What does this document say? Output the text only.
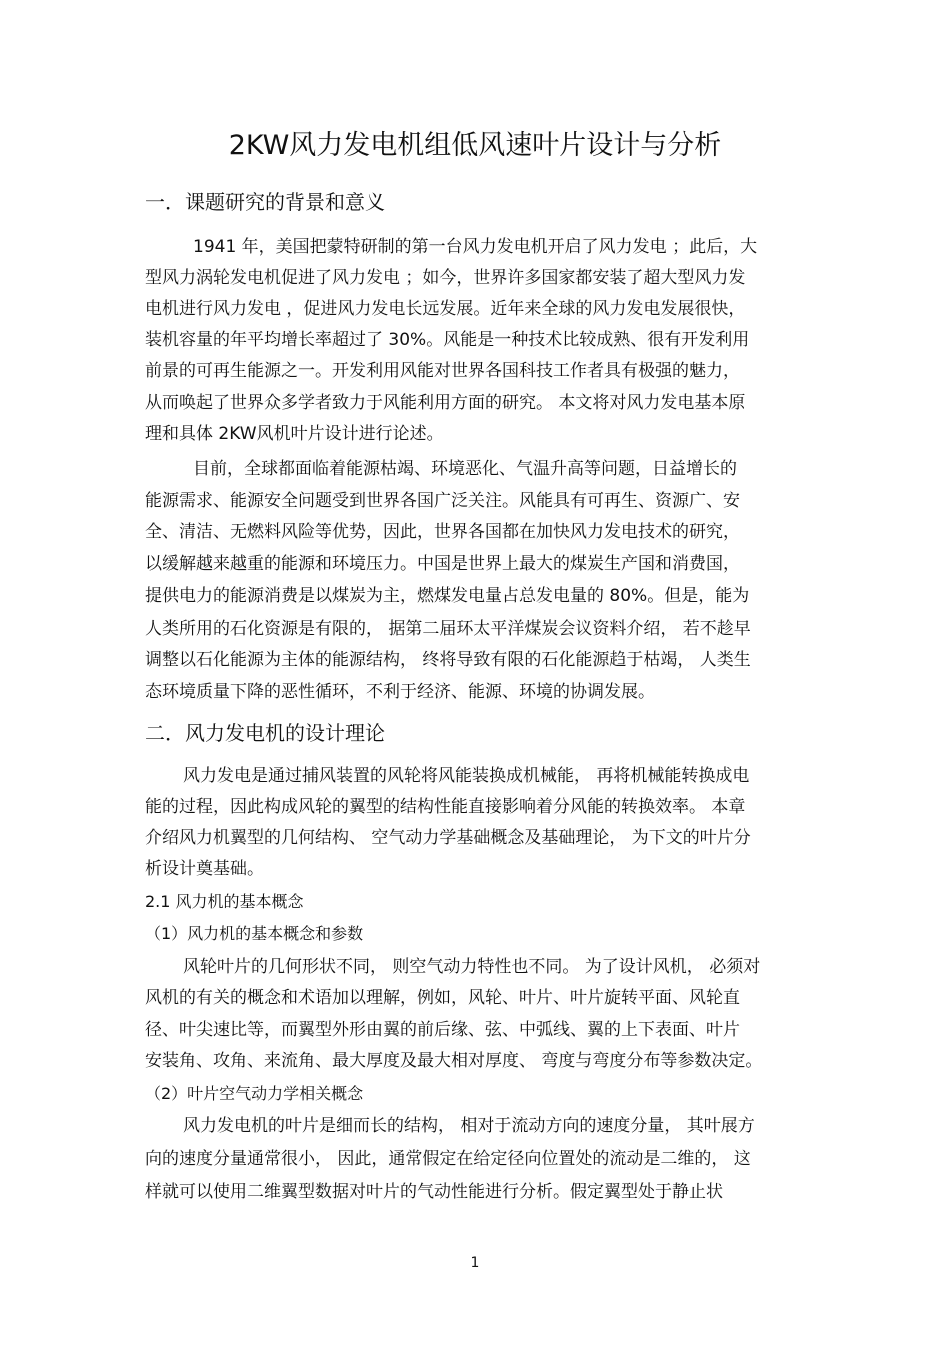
2KW风力发电机组低风速叶片设计与分析
一．课题研究的背景和意义
1941 年，美国把蒙特研制的第一台风力发电机开启了风力发电 ；此后，大
型风力涡轮发电机促进了风力发电 ；如今，世界许多国家都安装了超大型风力发
电机进行风力发电 ，促进风力发电长远发展。近年来全球的风力发电发展很快，
装机容量的年平均增长率超过了 30%。风能是一种技术比较成熟、很有开发利用
前景的可再生能源之一。开发利用风能对世界各国科技工作者具有极强的魅力，
从而唤起了世界众多学者致力于风能利用方面的研究。 本文将对风力发电基本原
理和具体 2KW风机叶片设计进行论述。
目前，全球都面临着能源枯竭、环境恶化、气温升高等问题，日益增长的
能源需求、能源安全问题受到世界各国广泛关注。风能具有可再生、资源广、安
全、清洁、无燃料风险等优势，因此，世界各国都在加快风力发电技术的研究，
以缓解越来越重的能源和环境压力。中国是世界上最大的煤炭生产国和消费国，
提供电力的能源消费是以煤炭为主，燃煤发电量占总发电量的 80%。但是，能为
人类所用的石化资源是有限的， 据第二届环太平洋煤炭会议资料介绍， 若不趁早
调整以石化能源为主体的能源结构， 终将导致有限的石化能源趋于枯竭， 人类生
态环境质量下降的恶性循环，不利于经济、能源、环境的协调发展。
二．风力发电机的设计理论
风力发电是通过捕风装置的风轮将风能装换成机械能， 再将机械能转换成电
能的过程，因此构成风轮的翼型的结构性能直接影响着分风能的转换效率。 本章
介绍风力机翼型的几何结构、 空气动力学基础概念及基础理论， 为下文的叶片分
析设计奠基础。
2.1 风力机的基本概念
（1）风力机的基本概念和参数
风轮叶片的几何形状不同， 则空气动力特性也不同。 为了设计风机， 必须对
风机的有关的概念和术语加以理解，例如，风轮、叶片、叶片旋转平面、风轮直
径、叶尖速比等，而翼型外形由翼的前后缘、弦、中弧线、翼的上下表面、叶片
安装角、攻角、来流角、最大厚度及最大相对厚度、 弯度与弯度分布等参数决定。
（2）叶片空气动力学相关概念
风力发电机的叶片是细而长的结构， 相对于流动方向的速度分量， 其叶展方
向的速度分量通常很小， 因此，通常假定在给定径向位置处的流动是二维的， 这
样就可以使用二维翼型数据对叶片的气动性能进行分析。假定翼型处于静止状
1
